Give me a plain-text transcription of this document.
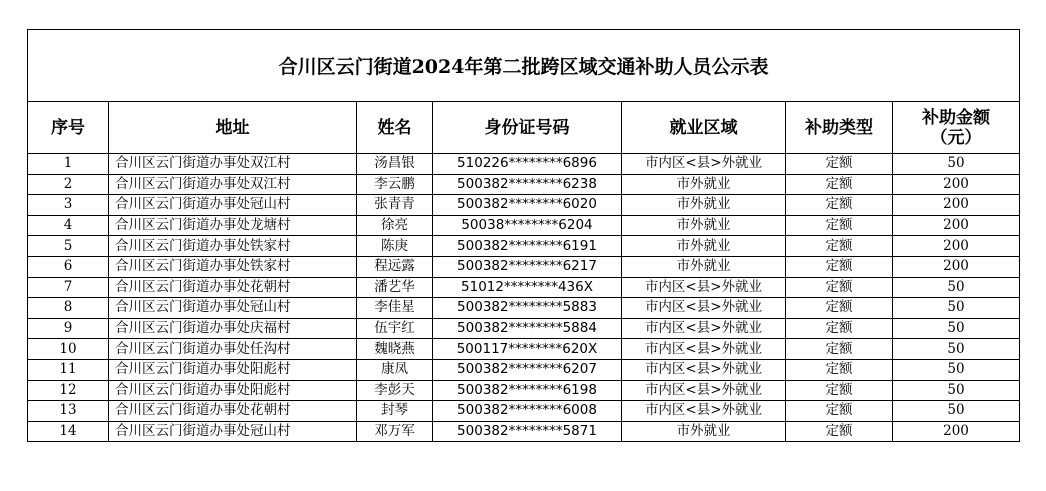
合川区云门街道2024年第二批跨区域交通补助人员公示表						
序号	地址	姓名	身份证号码	就业区域	补助类型	补助金额
（元）

1	合川区云门街道办事处双江村	汤昌银	510226********6896	市内区<县>外就业	定额	50
2	合川区云门街道办事处双江村	李云鹏	500382********6238	市外就业	定额	200
3	合川区云门街道办事处冠山村	张青青	500382********6020	市外就业	定额	200
4	合川区云门街道办事处龙塘村	徐亮	50038********6204	市外就业	定额	200
5	合川区云门街道办事处铁家村	陈庚	500382********6191	市外就业	定额	200
6	合川区云门街道办事处铁家村	程远露	500382********6217	市外就业	定额	200
7	合川区云门街道办事处花朝村	潘艺华	51012********436X	市内区<县>外就业	定额	50
8	合川区云门街道办事处冠山村	李佳星	500382********5883	市内区<县>外就业	定额	50
9	合川区云门街道办事处庆福村	伍宇红	500382********5884	市内区<县>外就业	定额	50
10	合川区云门街道办事处任沟村	魏晓燕	500117********620X	市内区<县>外就业	定额	50
11	合川区云门街道办事处阳彪村	康凤	500382********6207	市内区<县>外就业	定额	50
12	合川区云门街道办事处阳彪村	李彭天	500382********6198	市内区<县>外就业	定额	50
13	合川区云门街道办事处花朝村	封琴	500382********6008	市内区<县>外就业	定额	50
14	合川区云门街道办事处冠山村	邓万军	500382********5871	市外就业	定额	200
